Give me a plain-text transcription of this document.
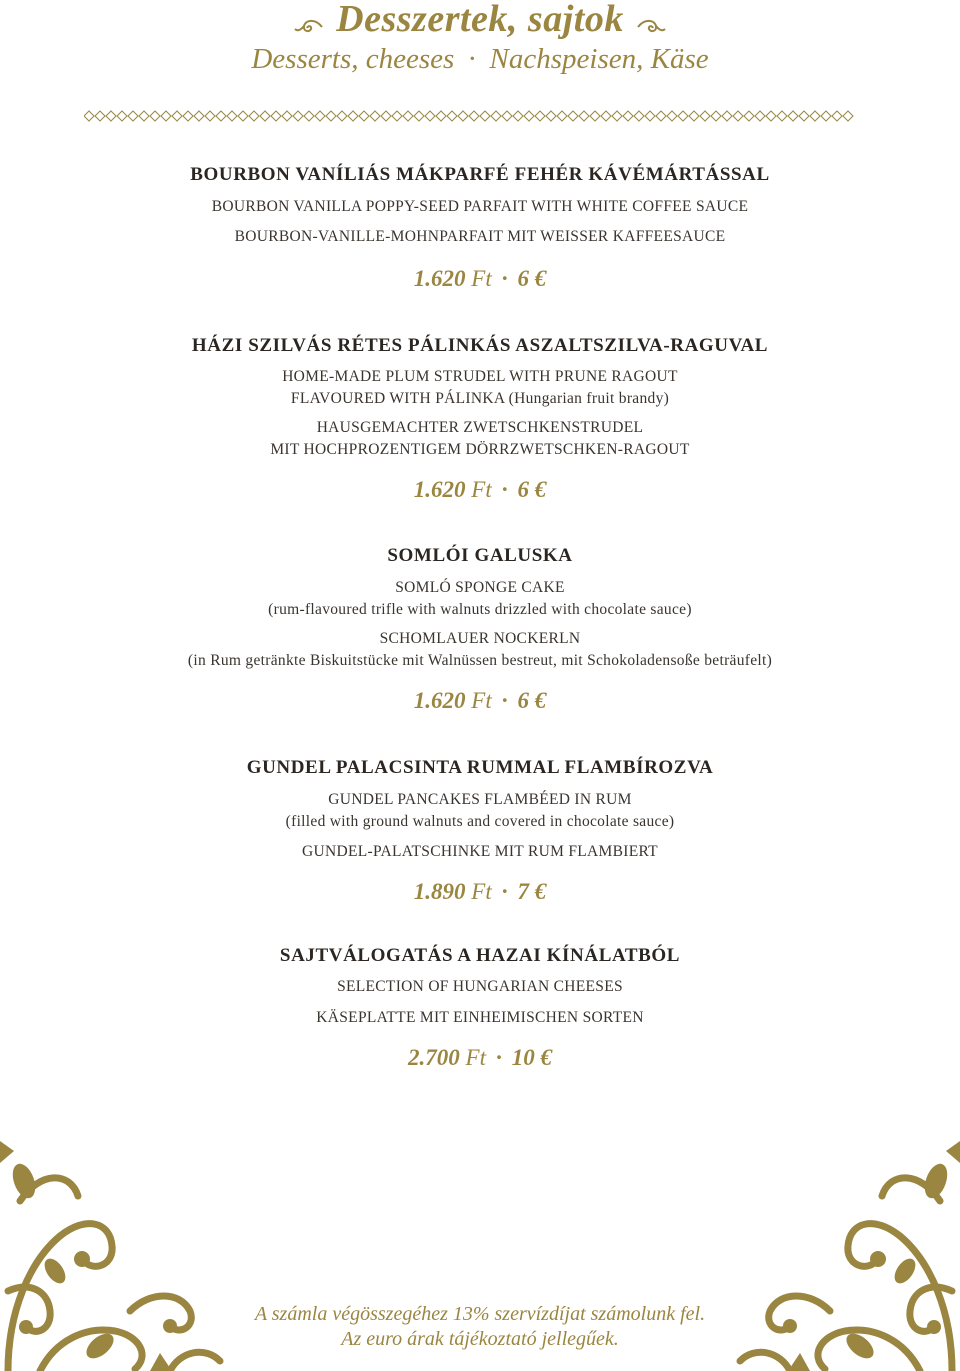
Desszertek, sajtok
Desserts, cheeses · Nachspeisen, Käse
BOURBON VANÍLIÁS MÁKPARFÉ FEHÉR KÁVÉMÁRTÁSSAL
BOURBON VANILLA POPPY-SEED PARFAIT WITH WHITE COFFEE SAUCE
BOURBON-VANILLE-MOHNPARFAIT MIT WEISSER KAFFEESAUCE
1.620 Ft · 6 €
HÁZI SZILVÁS RÉTES PÁLINKÁS ASZALTSZILVA-RAGUVAL
HOME-MADE PLUM STRUDEL WITH PRUNE RAGOUT
FLAVOURED WITH PÁLINKA (Hungarian fruit brandy)
HAUSGEMACHTER ZWETSCHKENSTRUDEL
MIT HOCHPROZENTIGEM DÖRRZWETSCHKEN-RAGOUT
1.620 Ft · 6 €
SOMLÓI GALUSKA
SOMLÓ SPONGE CAKE
(rum-flavoured trifle with walnuts drizzled with chocolate sauce)
SCHOMLAUER NOCKERLN
(in Rum getränkte Biskuitstücke mit Walnüssen bestreut, mit Schokoladensoße beträufelt)
1.620 Ft · 6 €
GUNDEL PALACSINTA RUMMAL FLAMBÍROZVA
GUNDEL PANCAKES FLAMBÉED IN RUM
(filled with ground walnuts and covered in chocolate sauce)
GUNDEL-PALATSCHINKE MIT RUM FLAMBIERT
1.890 Ft · 7 €
SAJTVÁLOGATÁS A HAZAI KÍNÁLATBÓL
SELECTION OF HUNGARIAN CHEESES
KÄSEPLATTE MIT EINHEIMISCHEN SORTEN
2.700 Ft · 10 €
A számla végösszegéhez 13% szervízdíjat számolunk fel.
Az euro árak tájékoztató jellegűek.
